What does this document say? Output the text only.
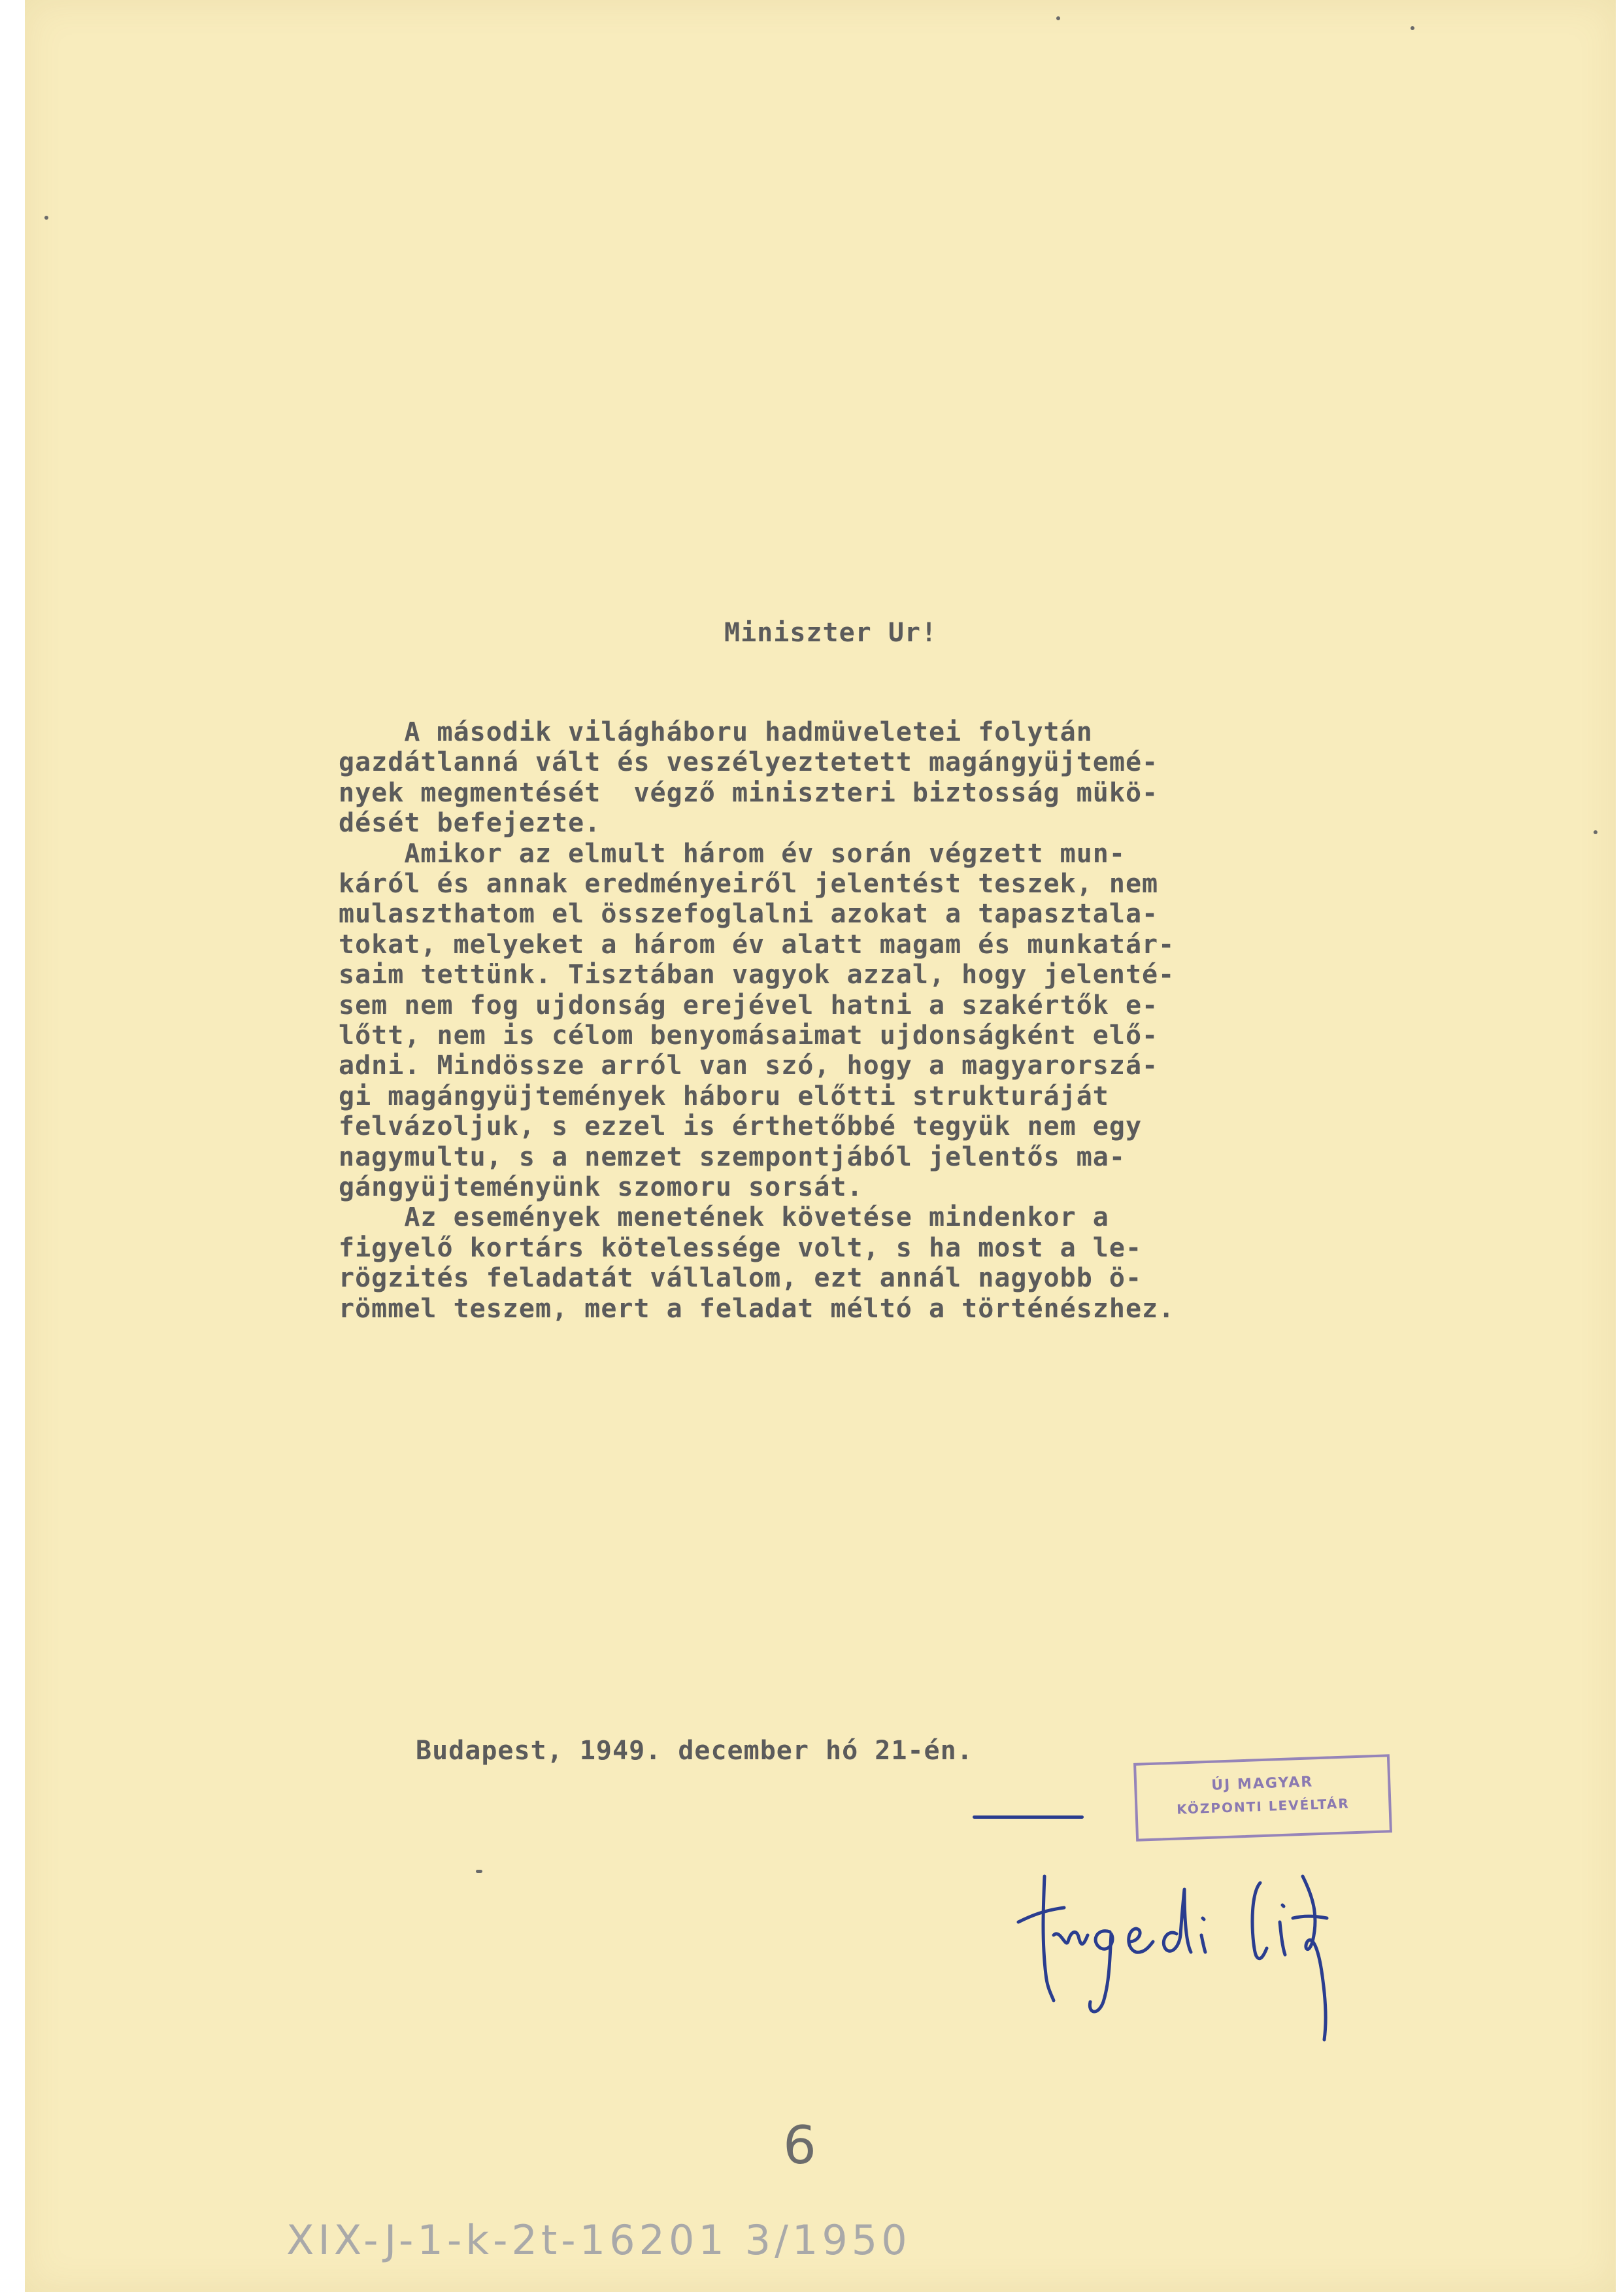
Miniszter Ur!
A második világháboru hadmüveletei folytán
gazdátlanná vált és veszélyeztetett magángyüjtemé-
nyek megmentését  végző miniszteri biztosság mükö-
dését befejezte.
Amikor az elmult három év során végzett mun-
káról és annak eredményeiről jelentést teszek, nem
mulaszthatom el összefoglalni azokat a tapasztala-
tokat, melyeket a három év alatt magam és munkatár-
saim tettünk. Tisztában vagyok azzal, hogy jelenté-
sem nem fog ujdonság erejével hatni a szakértők e-
lőtt, nem is célom benyomásaimat ujdonságként elő-
adni. Mindössze arról van szó, hogy a magyarorszá-
gi magángyüjtemények háboru előtti strukturáját
felvázoljuk, s ezzel is érthetőbbé tegyük nem egy
nagymultu, s a nemzet szempontjából jelentős ma-
gángyüjteményünk szomoru sorsát.
Az események menetének követése mindenkor a
figyelő kortárs kötelessége volt, s ha most a le-
rögzités feladatát vállalom, ezt annál nagyobb ö-
römmel teszem, mert a feladat méltó a történészhez.
Budapest, 1949. december hó 21-én.
ÚJ MAGYAR
KÖZPONTI LEVÉLTÁR
6
XIX-J-1-k-2t-16201 3/1950
